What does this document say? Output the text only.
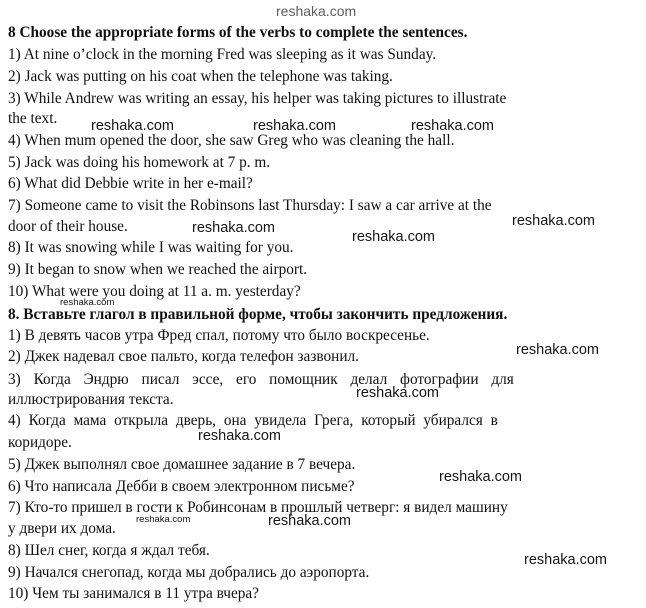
reshaka.com
8 Choose the appropriate forms of the verbs to complete the sentences.
1) At nine o’clock in the morning Fred was sleeping as it was Sunday.
2) Jack was putting on his coat when the telephone was taking.
3) While Andrew was writing an essay, his helper was taking pictures to illustrate
the text.
4) When mum opened the door, she saw Greg who was cleaning the hall.
5) Jack was doing his homework at 7 p. m.
6) What did Debbie write in her e-mail?
7) Someone came to visit the Robinsons last Thursday: I saw a car arrive at the
door of their house.
8) It was snowing while I was waiting for you.
9) It began to snow when we reached the airport.
10) What were you doing at 11 a. m. yesterday?
8. Вставьте глагол в правильной форме, чтобы закончить предложения.
1) В девять часов утра Фред спал, потому что было воскресенье.
2) Джек надевал свое пальто, когда телефон зазвонил.
3) Когда Эндрю писал эссе, его помощник делал фотографии для
иллюстрирования текста.
4) Когда мама открыла дверь, она увидела Грега, который убирался в
коридоре.
5) Джек выполнял свое домашнее задание в 7 вечера.
6) Что написала Дебби в своем электронном письме?
7) Кто-то пришел в гости к Робинсонам в прошлый четверг: я видел машину
у двери их дома.
8) Шел снег, когда я ждал тебя.
9) Начался снегопад, когда мы добрались до аэропорта.
10) Чем ты занимался в 11 утра вчера?
reshaka.com	reshaka.com	reshaka.com
reshaka.com
reshaka.com
reshaka.com
reshaka.com
reshaka.com
reshaka.com
reshaka.com
reshaka.com
reshaka.com	reshaka.com
reshaka.com
